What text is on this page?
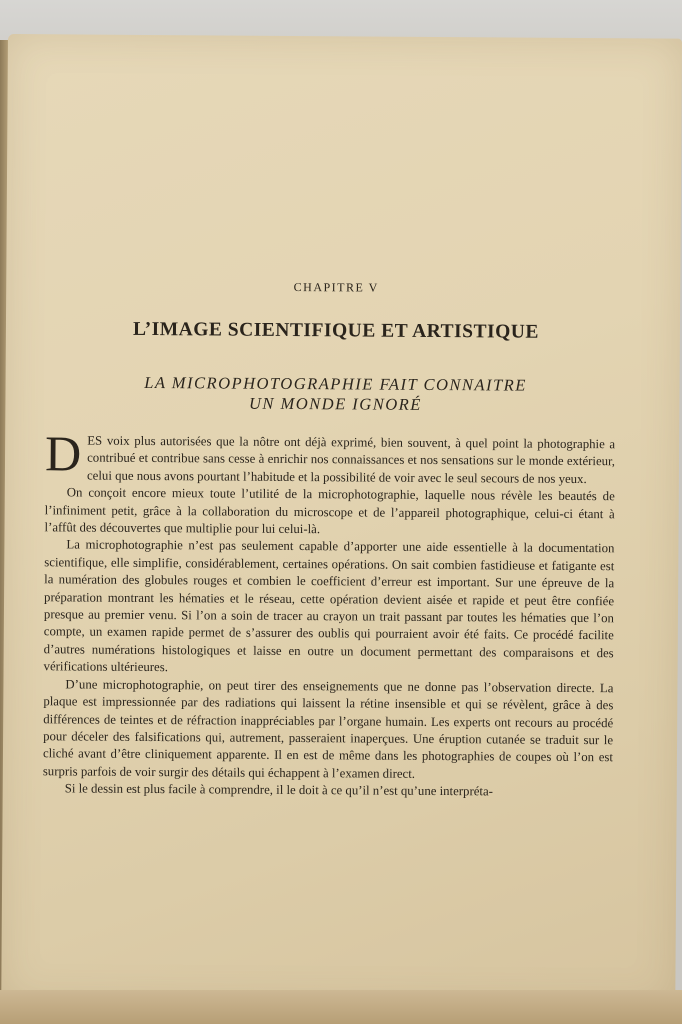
CHAPITRE V
L’IMAGE SCIENTIFIQUE ET ARTISTIQUE
LA MICROPHOTOGRAPHIE FAIT CONNAITRE
UN MONDE IGNORÉ

DES voix plus autorisées que la nôtre ont déjà exprimé, bien souvent, à quel point la photographie a contribué et contribue sans cesse à enrichir nos connaissances et nos sensations sur le monde extérieur, celui que nous avons pourtant l’habitude et la possibilité de voir avec le seul secours de nos yeux.

On conçoit encore mieux toute l’utilité de la microphotographie, laquelle nous révèle les beautés de l’infiniment petit, grâce à la collaboration du microscope et de l’appareil photographique, celui-ci étant à l’affût des découvertes que multiplie pour lui celui-là.

La microphotographie n’est pas seulement capable d’apporter une aide essentielle à la documentation scientifique, elle simplifie, considérablement, certaines opérations. On sait combien fastidieuse et fatigante est la numération des globules rouges et combien le coefficient d’erreur est important. Sur une épreuve de la préparation montrant les hématies et le réseau, cette opération devient aisée et rapide et peut être confiée presque au premier venu. Si l’on a soin de tracer au crayon un trait passant par toutes les hématies que l’on compte, un examen rapide permet de s’assurer des oublis qui pourraient avoir été faits. Ce procédé facilite d’autres numérations histologiques et laisse en outre un document permettant des comparaisons et des vérifications ultérieures.

D’une microphotographie, on peut tirer des enseignements que ne donne pas l’observation directe. La plaque est impressionnée par des radiations qui laissent la rétine insensible et qui se révèlent, grâce à des différences de teintes et de réfraction inappréciables par l’organe humain. Les experts ont recours au procédé pour déceler des falsifications qui, autrement, passeraient inaperçues. Une éruption cutanée se traduit sur le cliché avant d’être cliniquement apparente. Il en est de même dans les photographies de coupes où l’on est surpris parfois de voir surgir des détails qui échappent à l’examen direct.

Si le dessin est plus facile à comprendre, il le doit à ce qu’il n’est qu’une interpréta-
